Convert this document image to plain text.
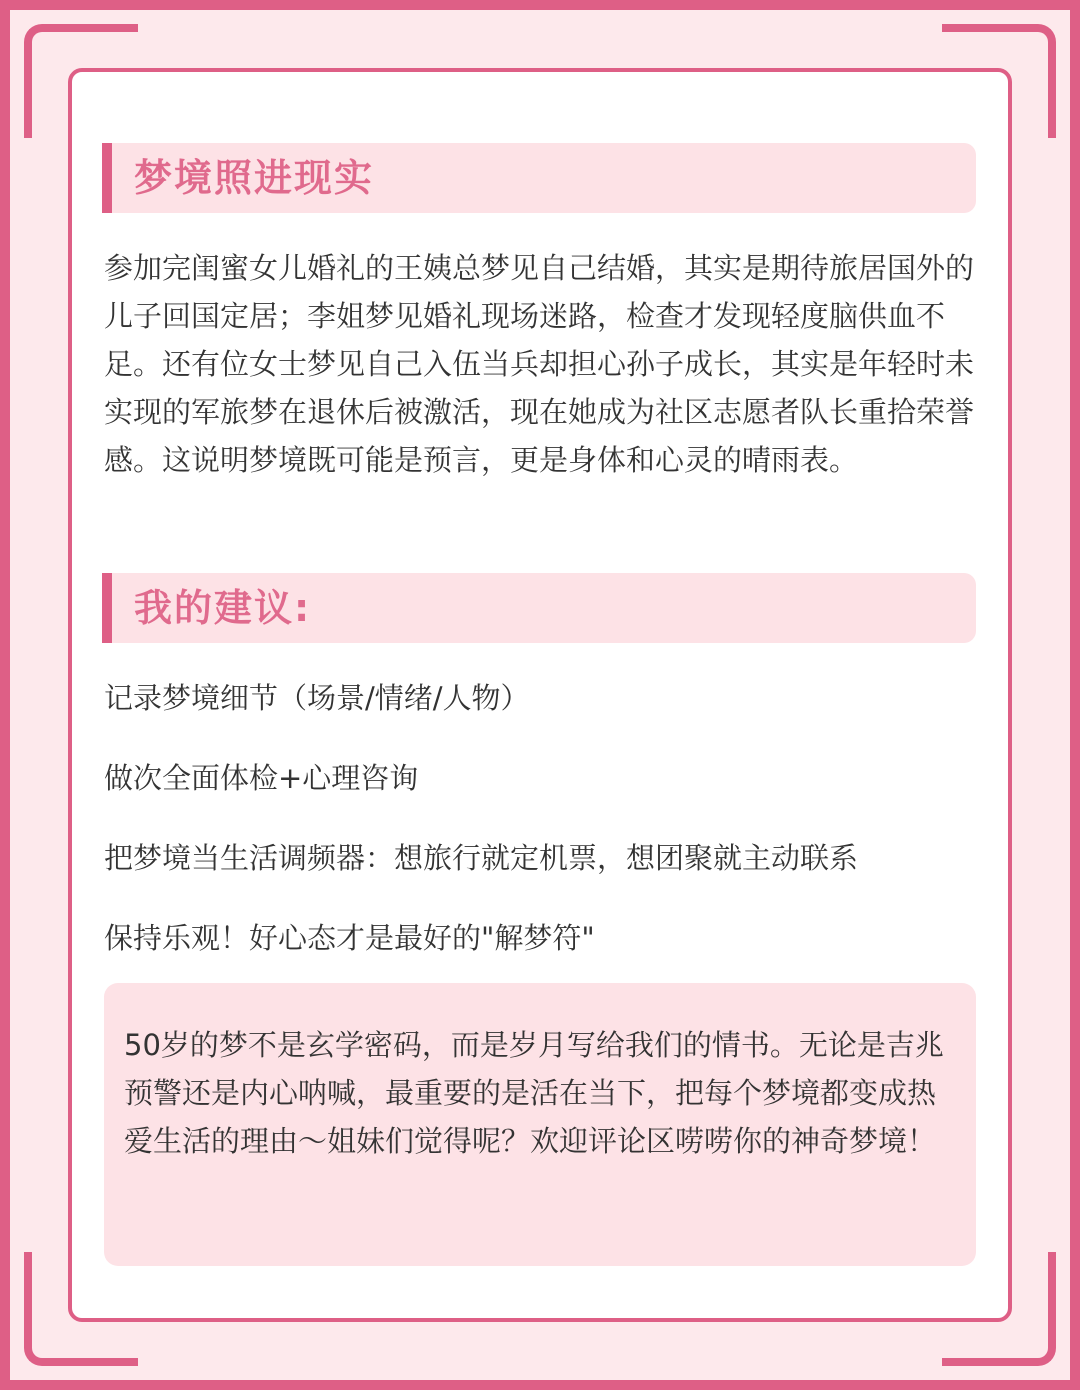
梦境照进现实

参加完闺蜜女儿婚礼的王姨总梦见自己结婚，其实是期待旅居国外的儿子回国定居；李姐梦见婚礼现场迷路，检查才发现轻度脑供血不足。还有位女士梦见自己入伍当兵却担心孙子成长，其实是年轻时未实现的军旅梦在退休后被激活，现在她成为社区志愿者队长重拾荣誉感。这说明梦境既可能是预言，更是身体和心灵的晴雨表。

我的建议:

记录梦境细节（场景/情绪/人物）

做次全面体检+心理咨询

把梦境当生活调频器：想旅行就定机票，想团聚就主动联系

保持乐观！好心态才是最好的"解梦符"

50岁的梦不是玄学密码，而是岁月写给我们的情书。无论是吉兆预警还是内心呐喊，最重要的是活在当下，把每个梦境都变成热爱生活的理由～姐妹们觉得呢？欢迎评论区唠唠你的神奇梦境！
